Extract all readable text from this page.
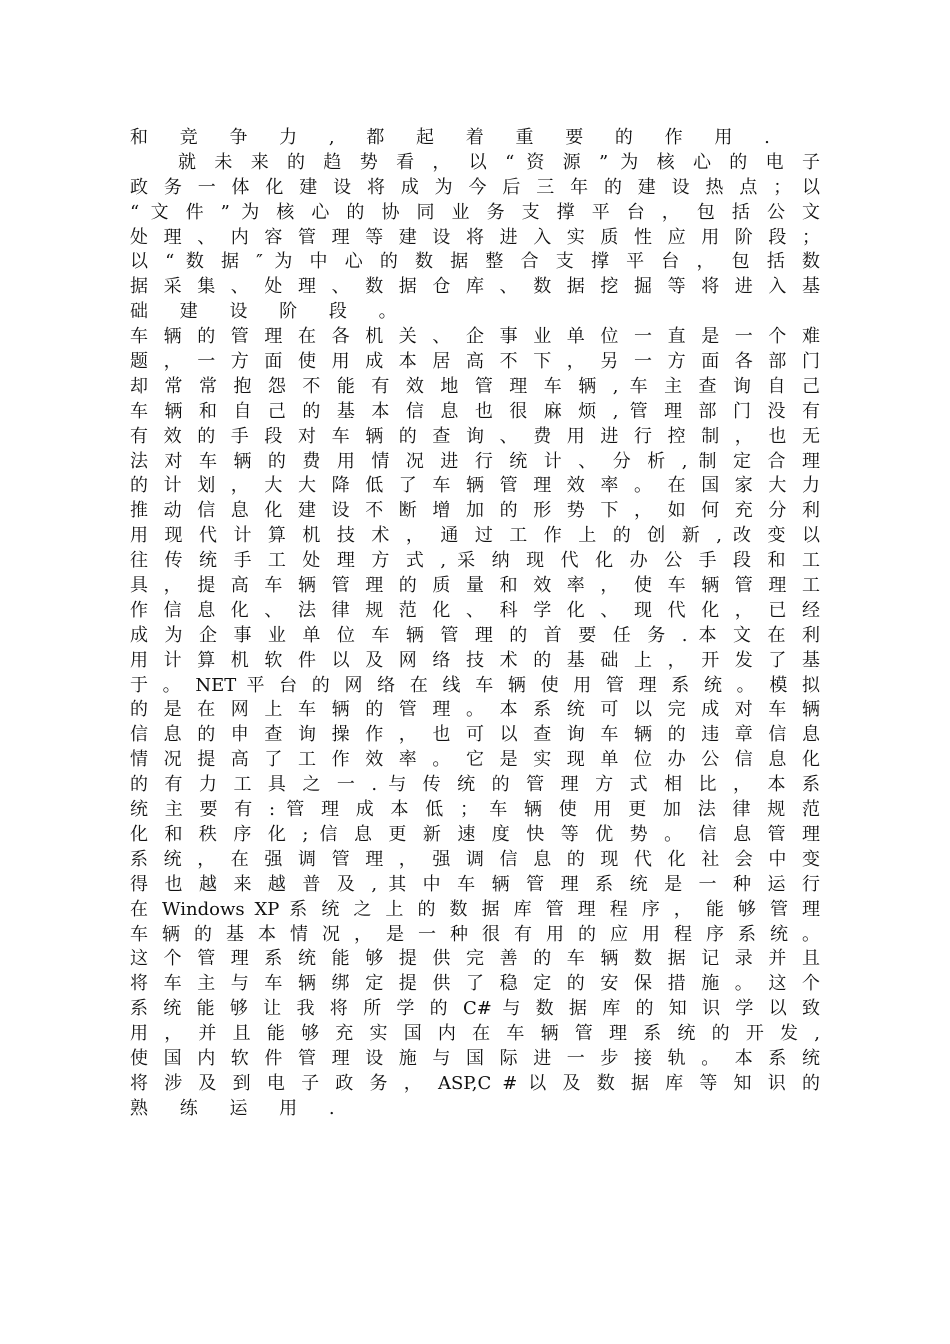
和 竞 争 力 , 都 起 着 重 要 的 作 用 .
就 未 来 的 趋 势 看 ， 以 “ 资 源 ” 为 核 心 的 电 子
政 务 一 体 化 建 设 将 成 为 今 后 三 年 的 建 设 热 点 ； 以
“ 文 件 ” 为 核 心 的 协 同 业 务 支 撑 平 台 ， 包 括 公 文
处 理 、 内 容 管 理 等 建 设 将 进 入 实 质 性 应 用 阶 段 ；
以 “ 数 据 ″ 为 中 心 的 数 据 整 合 支 撑 平 台 ， 包 括 数
据 采 集 、 处 理 、 数 据 仓 库 、 数 据 挖 掘 等 将 进 入 基
础 建 设 阶 段 。
车 辆 的 管 理 在 各 机 关 、 企 事 业 单 位 一 直 是 一 个 难
题 ， 一 方 面 使 用 成 本 居 高 不 下 ， 另 一 方 面 各 部 门
却 常 常 抱 怨 不 能 有 效 地 管 理 车 辆 , 车 主 查 询 自 己
车 辆 和 自 己 的 基 本 信 息 也 很 麻 烦 , 管 理 部 门 没 有
有 效 的 手 段 对 车 辆 的 查 询 、 费 用 进 行 控 制 ， 也 无
法 对 车 辆 的 费 用 情 况 进 行 统 计 、 分 析 , 制 定 合 理
的 计 划 ， 大 大 降 低 了 车 辆 管 理 效 率 。 在 国 家 大 力
推 动 信 息 化 建 设 不 断 增 加 的 形 势 下 ， 如 何 充 分 利
用 现 代 计 算 机 技 术 ， 通 过 工 作 上 的 创 新 , 改 变 以
往 传 统 手 工 处 理 方 式 , 采 纳 现 代 化 办 公 手 段 和 工
具 ， 提 高 车 辆 管 理 的 质 量 和 效 率 ， 使 车 辆 管 理 工
作 信 息 化 、 法 律 规 范 化 、 科 学 化 、 现 代 化 ， 已 经
成 为 企 事 业 单 位 车 辆 管 理 的 首 要 任 务 . 本 文 在 利
用 计 算 机 软 件 以 及 网 络 技 术 的 基 础 上 ， 开 发 了 基
于 。 NET 平 台 的 网 络 在 线 车 辆 使 用 管 理 系 统 。 模 拟
的 是 在 网 上 车 辆 的 管 理 。 本 系 统 可 以 完 成 对 车 辆
信 息 的 申 查 询 操 作 ， 也 可 以 查 询 车 辆 的 违 章 信 息
情 况 提 高 了 工 作 效 率 。 它 是 实 现 单 位 办 公 信 息 化
的 有 力 工 具 之 一 . 与 传 统 的 管 理 方 式 相 比 ， 本 系
统 主 要 有 : 管 理 成 本 低 ； 车 辆 使 用 更 加 法 律 规 范
化 和 秩 序 化 ; 信 息 更 新 速 度 快 等 优 势 。 信 息 管 理
系 统 ， 在 强 调 管 理 ， 强 调 信 息 的 现 代 化 社 会 中 变
得 也 越 来 越 普 及 , 其 中 车 辆 管 理 系 统 是 一 种 运 行
在 Windows XP 系 统 之 上 的 数 据 库 管 理 程 序 ， 能 够 管 理
车 辆 的 基 本 情 况 ， 是 一 种 很 有 用 的 应 用 程 序 系 统 。
这 个 管 理 系 统 能 够 提 供 完 善 的 车 辆 数 据 记 录 并 且
将 车 主 与 车 辆 绑 定 提 供 了 稳 定 的 安 保 措 施 。 这 个
系 统 能 够 让 我 将 所 学 的 C# 与 数 据 库 的 知 识 学 以 致
用 ， 并 且 能 够 充 实 国 内 在 车 辆 管 理 系 统 的 开 发 ,
使 国 内 软 件 管 理 设 施 与 国 际 进 一 步 接 轨 。 本 系 统
将 涉 及 到 电 子 政 务 ， ASP,C # 以 及 数 据 库 等 知 识 的
熟 练 运 用 .
